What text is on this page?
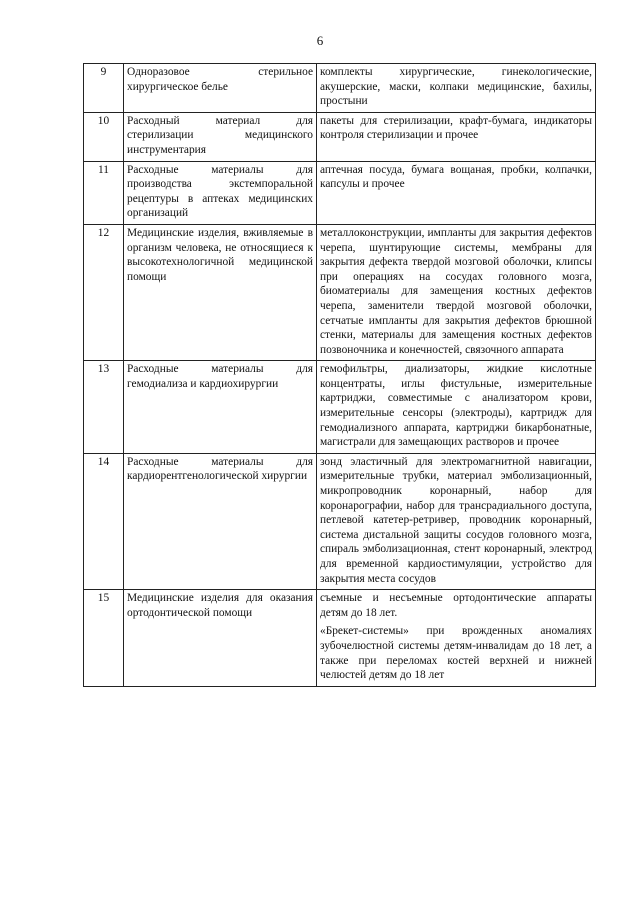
6
9	Одноразовое стерильное хирургическое белье	комплекты хирургические, гинекологические, акушерские, маски, колпаки медицинские, бахилы, простыни

10	Расходный материал для стерилизации медицинского инструментария	пакеты для стерилизации, крафт-бумага, индикаторы контроля стерилизации и прочее

11	Расходные материалы для производства экстемпоральной рецептуры в аптеках медицинских организаций	аптечная посуда, бумага вощаная, пробки, колпачки, капсулы и прочее

12	Медицинские изделия, вживляемые в организм человека, не относящиеся к высокотехнологичной медицинской помощи	металлоконструкции, импланты для закрытия дефектов черепа, шунтирующие системы, мембраны для закрытия дефекта твердой мозговой оболочки, клипсы при операциях на сосудах головного мозга, биоматериалы для замещения костных дефектов черепа, заменители твердой мозговой оболочки, сетчатые импланты для закрытия дефектов брюшной стенки, материалы для замещения костных дефектов позвоночника и конечностей, связочного аппарата

13	Расходные материалы для гемодиализа и кардиохирургии	гемофильтры, диализаторы, жидкие кислотные концентраты, иглы фистульные, измерительные картриджи, совместимые с анализатором крови, измерительные сенсоры (электроды), картридж для гемодиализного аппарата, картриджи бикарбонатные, магистрали для замещающих растворов и прочее

14	Расходные материалы для кардиорентгенологической хирургии	зонд эластичный для электромагнитной навигации, измерительные трубки, материал эмболизационный, микропроводник коронарный, набор для коронарографии, набор для трансрадиального доступа, петлевой катетер-ретривер, проводник коронарный, система дистальной защиты сосудов головного мозга, спираль эмболизационная, стент коронарный, электрод для временной кардиостимуляции, устройство для закрытия места сосудов

15	Медицинские изделия для оказания ортодонтической помощи	съемные и несъемные ортодонтические аппараты детям до 18 лет.

«Брекет-системы» при врожденных аномалиях зубочелюстной системы детям-инвалидам до 18 лет, а также при переломах костей верхней и нижней челюстей детям до 18 лет
